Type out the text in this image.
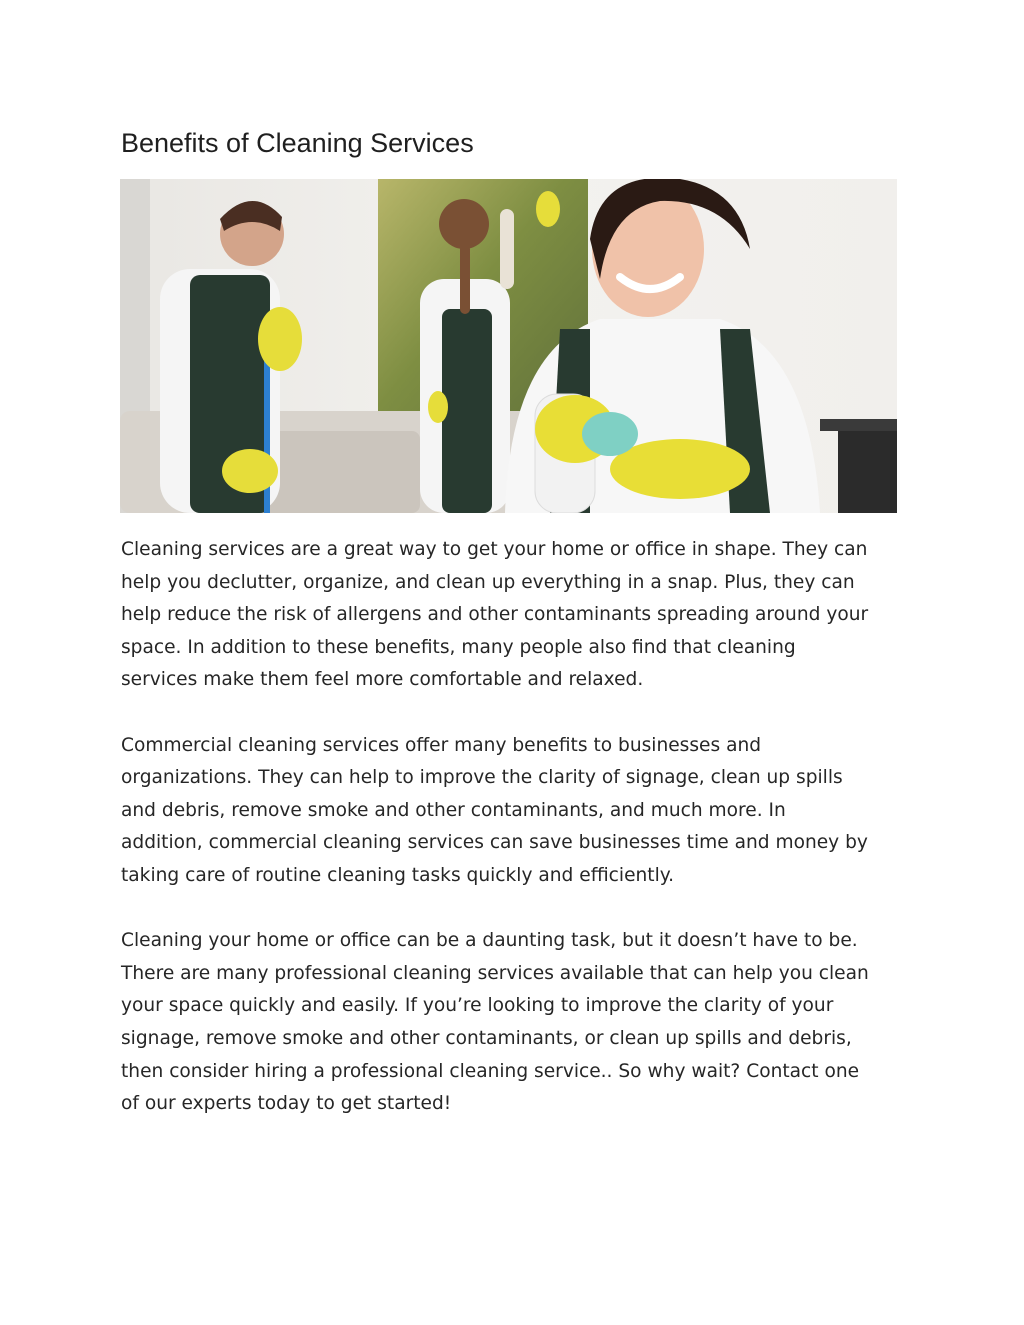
Benefits of Cleaning Services

Cleaning services are a great way to get your home or office in shape. They can
help you declutter, organize, and clean up everything in a snap. Plus, they can
help reduce the risk of allergens and other contaminants spreading around your
space. In addition to these benefits, many people also find that cleaning
services make them feel more comfortable and relaxed.

Commercial cleaning services offer many benefits to businesses and
organizations. They can help to improve the clarity of signage, clean up spills
and debris, remove smoke and other contaminants, and much more. In
addition, commercial cleaning services can save businesses time and money by
taking care of routine cleaning tasks quickly and efficiently.

Cleaning your home or office can be a daunting task, but it doesn’t have to be.
There are many professional cleaning services available that can help you clean
your space quickly and easily. If you’re looking to improve the clarity of your
signage, remove smoke and other contaminants, or clean up spills and debris,
then consider hiring a professional cleaning service.. So why wait? Contact one
of our experts today to get started!
